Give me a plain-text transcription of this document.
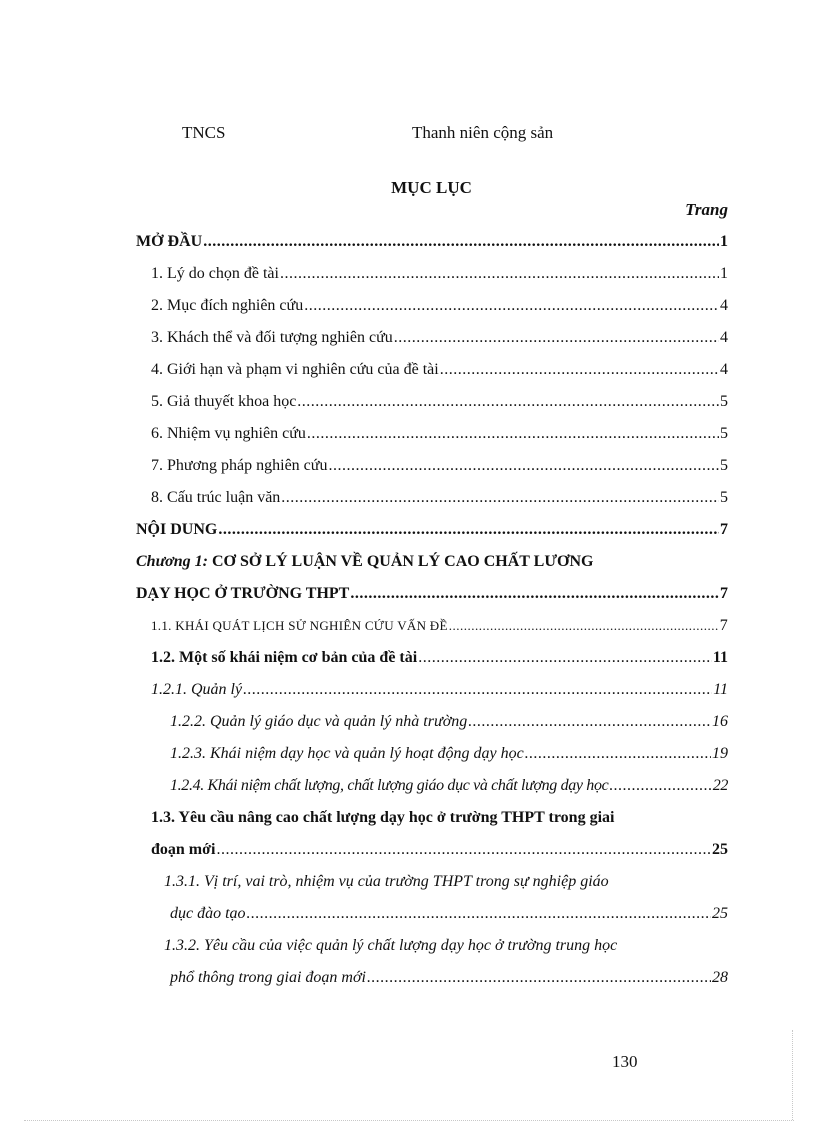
TNCS	Thanh niên cộng sản
MỤC LỤC
Trang
MỞ ĐẦU .....	1
1. Lý do chọn đề tài .....	1
2. Mục đích nghiên cứu .....	4
3. Khách thể và đối tượng nghiên cứu .....	4
4. Giới hạn và phạm vi nghiên cứu của đề tài .....	4
5. Giả thuyết khoa học .....	5
6. Nhiệm vụ nghiên cứu .....	5
7. Phương pháp nghiên cứu .....	5
8. Cấu trúc luận văn .....	5
NỘI DUNG .....	7
Chương 1: CƠ SỞ LÝ LUẬN VỀ QUẢN LÝ CAO CHẤT LƯƠNG
DẠY HỌC Ở TRƯỜNG THPT .....	7
1.1. KHÁI QUÁT LỊCH SỬ NGHIÊN CỨU VẤN ĐỀ .....	7
1.2. Một số khái niệm cơ bản của đề tài .....	11
1.2.1. Quản lý .....	11
1.2.2. Quản lý giáo dục và quản lý nhà trường .....	16
1.2.3. Khái niệm dạy học và quản lý hoạt động dạy học .....	19
1.2.4. Khái niệm chất lượng, chất lượng giáo dục và chất lượng dạy học .....	22
1.3. Yêu cầu nâng cao chất lượng dạy học ở trường THPT trong giai
đoạn mới .....	25
1.3.1. Vị trí, vai trò, nhiệm vụ của trường THPT trong sự nghiệp giáo
dục đào tạo .....	25
1.3.2. Yêu cầu của việc quản lý chất lượng dạy học ở trường trung học
phổ thông trong giai đoạn mới .....	28
130
